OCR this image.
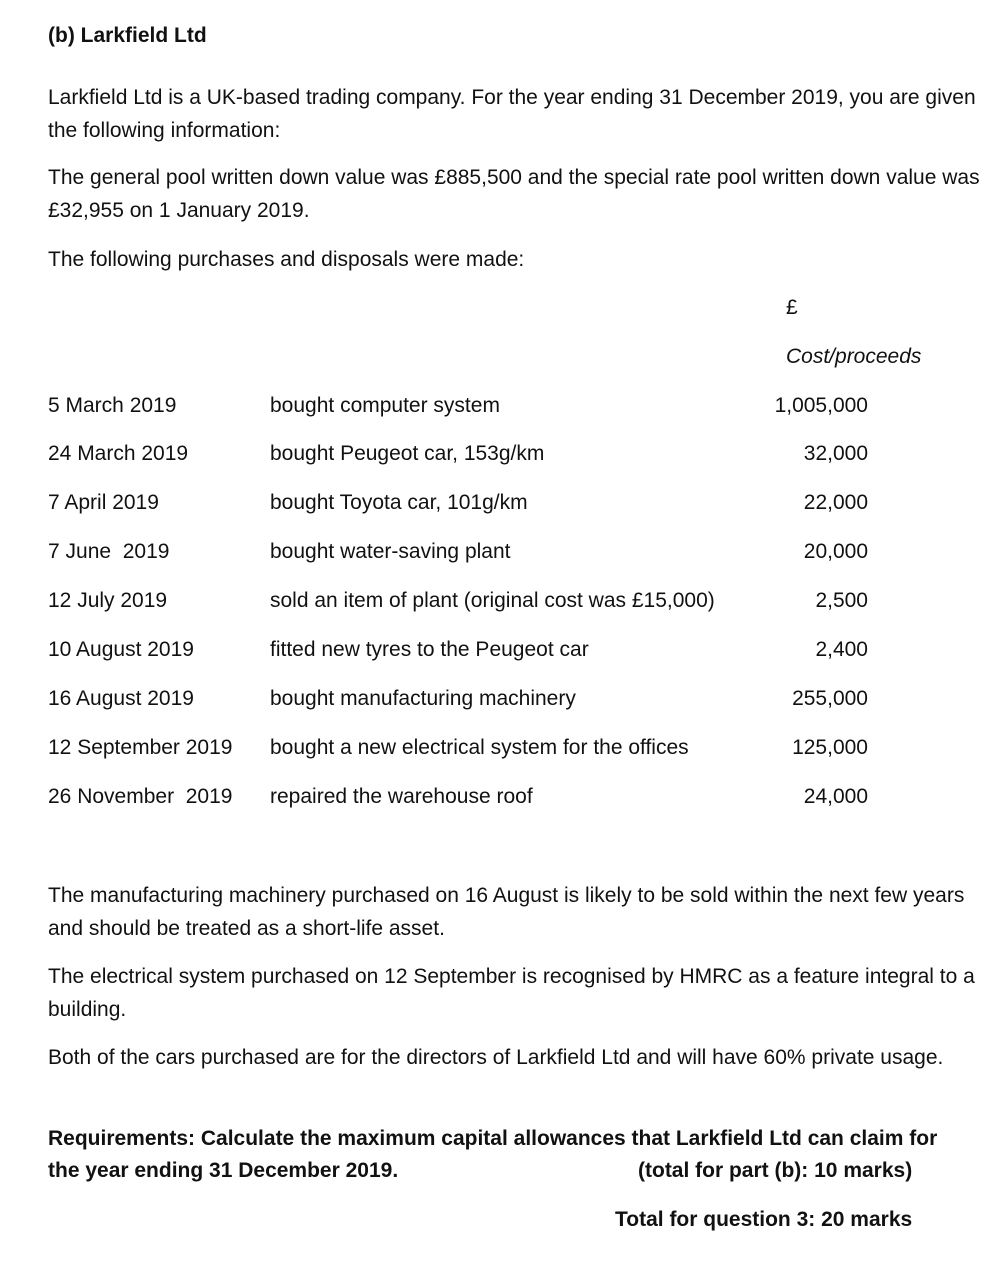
(b) Larkfield Ltd
Larkfield Ltd is a UK-based trading company. For the year ending 31 December 2019, you are given the following information:
The general pool written down value was £885,500 and the special rate pool written down value was £32,955 on 1 January 2019.
The following purchases and disposals were made:
£
Cost/proceeds
5 March 2019	bought computer system	1,005,000
24 March 2019	bought Peugeot car, 153g/km	32,000
7 April 2019	bought Toyota car, 101g/km	22,000
7 June  2019	bought water-saving plant	20,000
12 July 2019	sold an item of plant (original cost was £15,000)	2,500
10 August 2019	fitted new tyres to the Peugeot car	2,400
16 August 2019	bought manufacturing machinery	255,000
12 September 2019 bought a new electrical system for the offices	125,000
26 November  2019 repaired the warehouse roof	24,000
The manufacturing machinery purchased on 16 August is likely to be sold within the next few years and should be treated as a short-life asset.
The electrical system purchased on 12 September is recognised by HMRC as a feature integral to a building.
Both of the cars purchased are for the directors of Larkfield Ltd and will have 60% private usage.
Requirements: Calculate the maximum capital allowances that Larkfield Ltd can claim for
the year ending 31 December 2019.	(total for part (b): 10 marks)
Total for question 3: 20 marks
